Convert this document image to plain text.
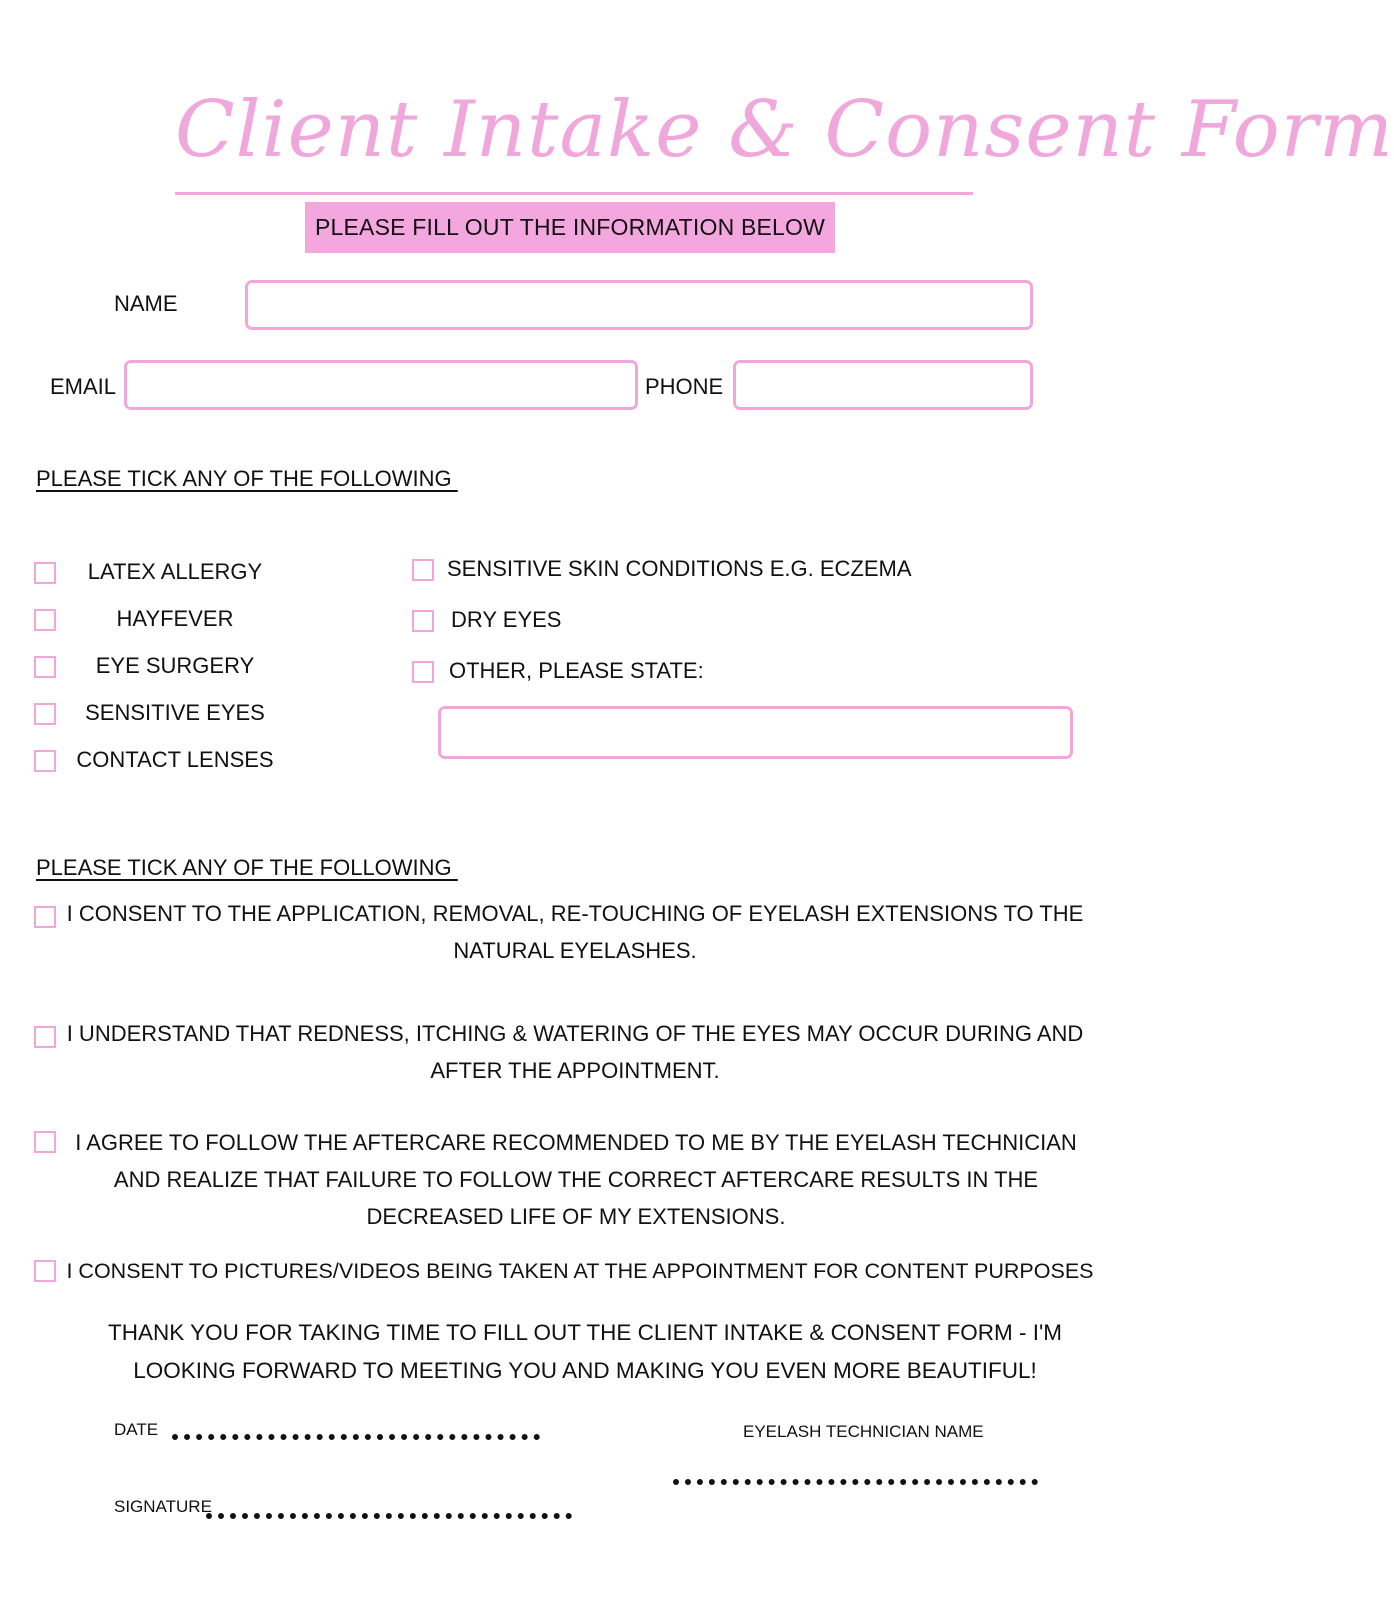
Client Intake & Consent Form
PLEASE FILL OUT THE INFORMATION BELOW
NAME
EMAIL	PHONE
PLEASE TICK ANY OF THE FOLLOWING
LATEX ALLERGY
HAYFEVER
EYE SURGERY
SENSITIVE EYES
CONTACT LENSES
SENSITIVE SKIN CONDITIONS E.G. ECZEMA
DRY EYES
OTHER, PLEASE STATE:
PLEASE TICK ANY OF THE FOLLOWING
I CONSENT TO THE APPLICATION, REMOVAL, RE-TOUCHING OF EYELASH EXTENSIONS TO THE NATURAL EYELASHES.
I UNDERSTAND THAT REDNESS, ITCHING & WATERING OF THE EYES MAY OCCUR DURING AND AFTER THE APPOINTMENT.
I AGREE TO FOLLOW THE AFTERCARE RECOMMENDED TO ME BY THE EYELASH TECHNICIAN AND REALIZE THAT FAILURE TO FOLLOW THE CORRECT AFTERCARE RESULTS IN THE DECREASED LIFE OF MY EXTENSIONS.
I CONSENT TO PICTURES/VIDEOS BEING TAKEN AT THE APPOINTMENT FOR CONTENT PURPOSES
THANK YOU FOR TAKING TIME TO FILL OUT THE CLIENT INTAKE & CONSENT FORM - I'M LOOKING FORWARD TO MEETING YOU AND MAKING YOU EVEN MORE BEAUTIFUL!
DATE	EYELASH TECHNICIAN NAME
SIGNATURE
